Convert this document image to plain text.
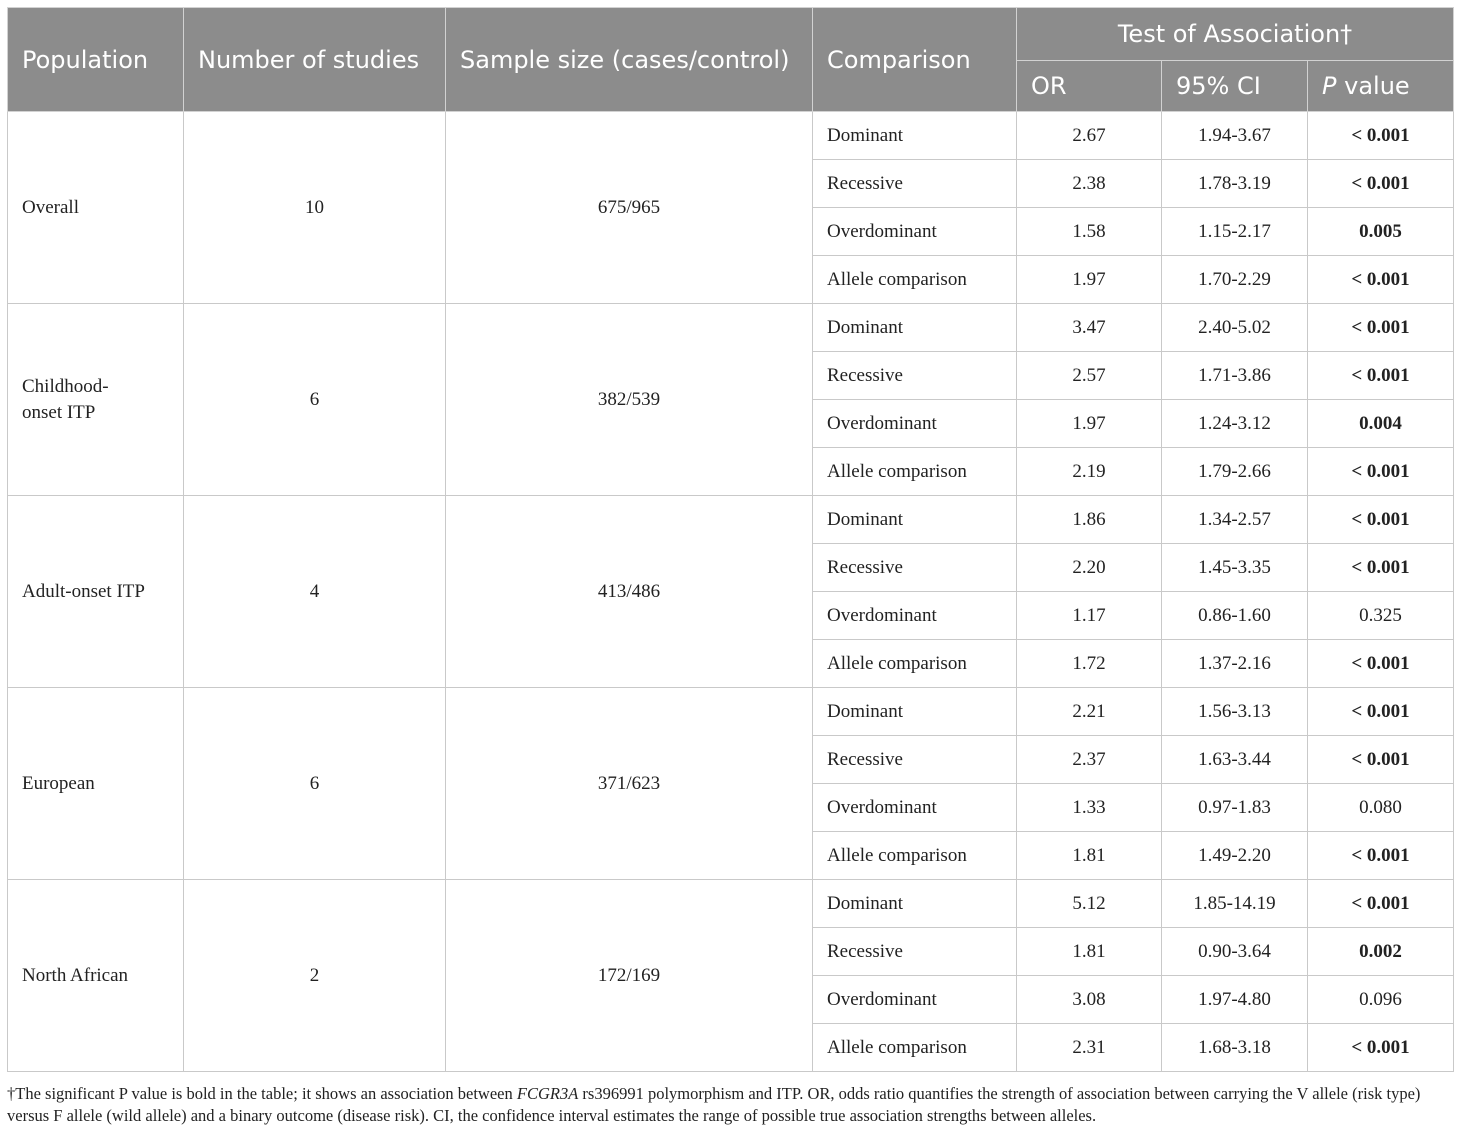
Population	Number of studies	Sample size (cases/control)	Comparison	Test of Association†		
				OR	95% CI	P value
Overall	10	675/965	Dominant	2.67	1.94-3.67	< 0.001
			Recessive	2.38	1.78-3.19	< 0.001
			Overdominant	1.58	1.15-2.17	0.005
			Allele comparison	1.97	1.70-2.29	< 0.001
Childhood-onset ITP	6	382/539	Dominant	3.47	2.40-5.02	< 0.001
			Recessive	2.57	1.71-3.86	< 0.001
			Overdominant	1.97	1.24-3.12	0.004
			Allele comparison	2.19	1.79-2.66	< 0.001
Adult-onset ITP	4	413/486	Dominant	1.86	1.34-2.57	< 0.001
			Recessive	2.20	1.45-3.35	< 0.001
			Overdominant	1.17	0.86-1.60	0.325
			Allele comparison	1.72	1.37-2.16	< 0.001
European	6	371/623	Dominant	2.21	1.56-3.13	< 0.001
			Recessive	2.37	1.63-3.44	< 0.001
			Overdominant	1.33	0.97-1.83	0.080
			Allele comparison	1.81	1.49-2.20	< 0.001
North African	2	172/169	Dominant	5.12	1.85-14.19	< 0.001
			Recessive	1.81	0.90-3.64	0.002
			Overdominant	3.08	1.97-4.80	0.096
			Allele comparison	2.31	1.68-3.18	< 0.001
†The significant P value is bold in the table; it shows an association between FCGR3A rs396991 polymorphism and ITP. OR, odds ratio quantifies the strength of association between carrying the V allele (risk type) versus F allele (wild allele) and a binary outcome (disease risk). CI, the confidence interval estimates the range of possible true association strengths between alleles.
